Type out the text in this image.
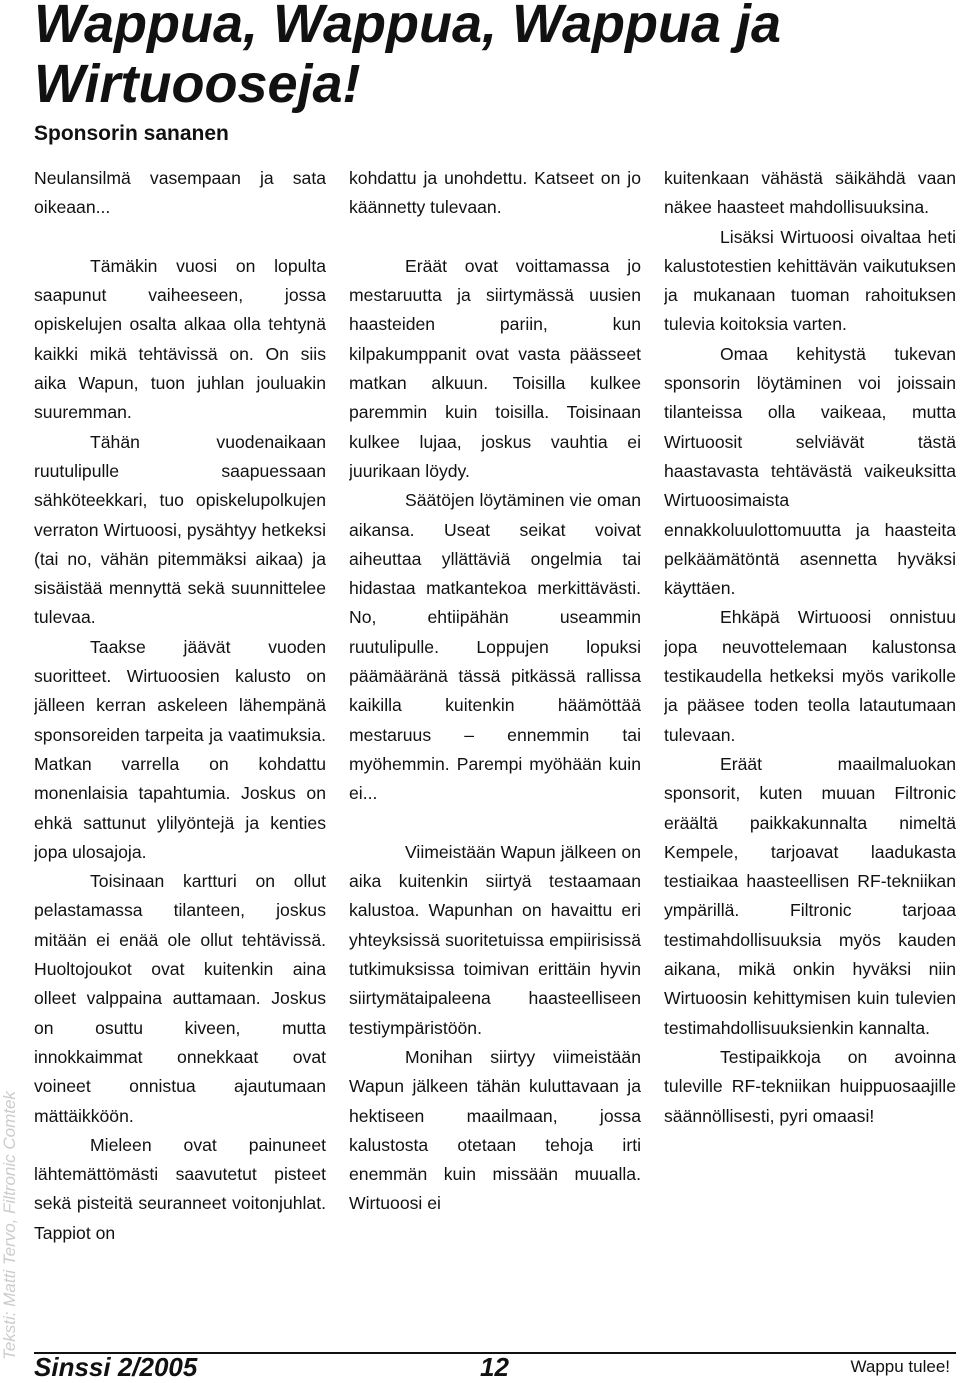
Wappua, Wappua, Wappua ja Wirtuooseja!
Sponsorin sananen
Teksti: Matti Tervo, Filtronic Comtek

Neulansilmä vasempaan ja sata oikeaan...

Tämäkin vuosi on lopulta saapunut vaiheeseen, jossa opiskelujen osalta alkaa olla tehtynä kaikki mikä tehtävissä on. On siis aika Wapun, tuon juhlan jouluakin suuremman.

Tähän vuodenaikaan ruutulipulle saapuessaan sähköteekkari, tuo opiskelupolkujen verraton Wirtuoosi, pysähtyy hetkeksi (tai no, vähän pitemmäksi aikaa) ja sisäistää mennyttä sekä suunnittelee tulevaa.

Taakse jäävät vuoden suoritteet. Wirtuoosien kalusto on jälleen kerran askeleen lähempänä sponsoreiden tarpeita ja vaatimuksia. Matkan varrella on kohdattu monenlaisia tapahtumia. Joskus on ehkä sattunut ylilyöntejä ja kenties jopa ulosajoja.

Toisinaan kartturi on ollut pelastamassa tilanteen, joskus mitään ei enää ole ollut tehtävissä. Huoltojoukot ovat kuitenkin aina olleet valppaina auttamaan. Joskus on osuttu kiveen, mutta innokkaimmat onnekkaat ovat voineet onnistua ajautumaan mättäikköön.

Mieleen ovat painuneet lähtemättömästi saavutetut pisteet sekä pisteitä seuranneet voitonjuhlat. Tappiot on

kohdattu ja unohdettu. Katseet on jo käännetty tulevaan.

Eräät ovat voittamassa jo mestaruutta ja siirtymässä uusien haasteiden pariin, kun kilpakumppanit ovat vasta päässeet matkan alkuun. Toisilla kulkee paremmin kuin toisilla. Toisinaan kulkee lujaa, joskus vauhtia ei juurikaan löydy.

Säätöjen löytäminen vie oman aikansa. Useat seikat voivat aiheuttaa yllättäviä ongelmia tai hidastaa matkantekoa merkittävästi. No, ehtiipähän useammin ruutulipulle. Loppujen lopuksi päämääränä tässä pitkässä rallissa kaikilla kuitenkin häämöttää mestaruus – ennemmin tai myöhemmin. Parempi myöhään kuin ei...

Viimeistään Wapun jälkeen on aika kuitenkin siirtyä testaamaan kalustoa. Wapunhan on havaittu eri yhteyksissä suoritetuissa empiirisissä tutkimuksissa toimivan erittäin hyvin siirtymätaipaleena haasteelliseen testiympäristöön.

Monihan siirtyy viimeistään Wapun jälkeen tähän kuluttavaan ja hektiseen maailmaan, jossa kalustosta otetaan tehoja irti enemmän kuin missään muualla. Wirtuoosi ei

kuitenkaan vähästä säikähdä vaan näkee haasteet mahdollisuuksina.

Lisäksi Wirtuoosi oivaltaa heti kalustotestien kehittävän vaikutuksen ja mukanaan tuoman rahoituksen tulevia koitoksia varten.

Omaa kehitystä tukevan sponsorin löytäminen voi joissain tilanteissa olla vaikeaa, mutta Wirtuoosit selviävät tästä haastavasta tehtävästä vaikeuksitta Wirtuoosimaista ennakkoluulottomuutta ja haasteita pelkäämätöntä asennetta hyväksi käyttäen.

Ehkäpä Wirtuoosi onnistuu jopa neuvottelemaan kalustonsa testikaudella hetkeksi myös varikolle ja pääsee toden teolla latautumaan tulevaan.

Eräät maailmaluokan sponsorit, kuten muuan Filtronic eräältä paikkakunnalta nimeltä Kempele, tarjoavat laadukasta testiaikaa haasteellisen RF-tekniikan ympärillä. Filtronic tarjoaa testimahdollisuuksia myös kauden aikana, mikä onkin hyväksi niin Wirtuoosin kehittymisen kuin tulevien testimahdollisuuksienkin kannalta.

Testipaikkoja on avoinna tuleville RF-tekniikan huippuosaajille säännöllisesti, pyri omaasi!

Sinssi 2/2005	12	Wappu tulee!
